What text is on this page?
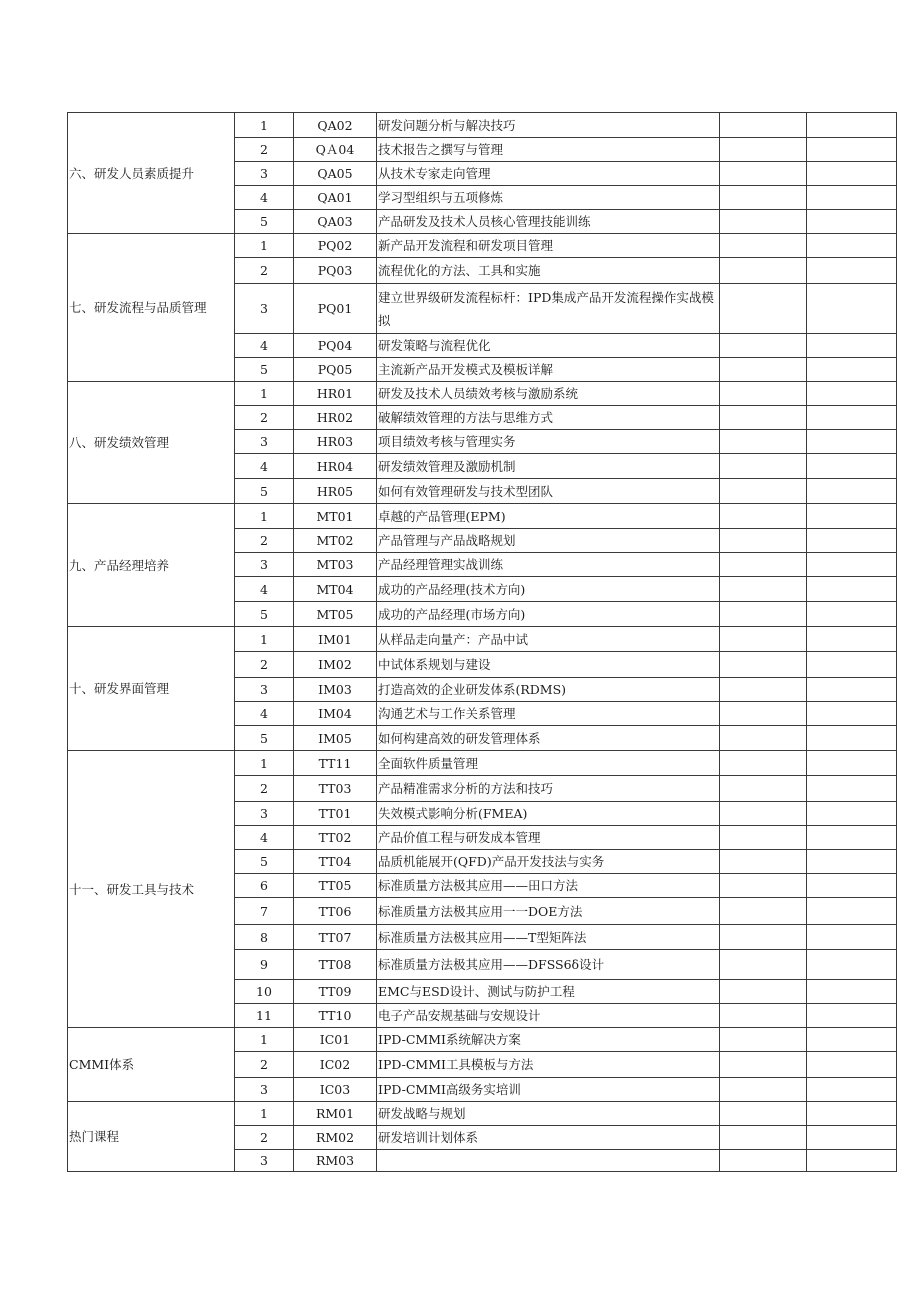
六、研发人员素质提升	1	QA02	研发问题分析与解决技巧		
	2	QＡ04	技术报告之撰写与管理		
	3	QA05	从技术专家走向管理		
	4	QA01	学习型组织与五项修炼		
	5	QA03	产品研发及技术人员核心管理技能训练		
七、研发流程与品质管理	1	PQ02	新产品开发流程和研发项目管理		
	2	PQ03	流程优化的方法、工具和实施		
	3	PQ01	建立世界级研发流程标杆：IPD集成产品开发流程操作实战模拟		
	4	PQ04	研发策略与流程优化		
	5	PQ05	主流新产品开发模式及模板详解		
八、研发绩效管理	1	HR01	研发及技术人员绩效考核与激励系统		
	2	HR02	破解绩效管理的方法与思维方式		
	3	HR03	项目绩效考核与管理实务		
	4	HR04	研发绩效管理及激励机制		
	5	HR05	如何有效管理研发与技术型团队		
九、产品经理培养	1	MT01	卓越的产品管理(EPM)		
	2	MT02	产品管理与产品战略规划		
	3	MT03	产品经理管理实战训练		
	4	MT04	成功的产品经理(技术方向)		
	5	MT05	成功的产品经理(市场方向)		
十、研发界面管理	1	IM01	从样品走向量产：产品中试		
	2	IM02	中试体系规划与建设		
	3	IM03	打造高效的企业研发体系(RDMS)		
	4	IM04	沟通艺术与工作关系管理		
	5	IM05	如何构建高效的研发管理体系		
十一、研发工具与技术	1	TT11	全面软件质量管理		
	2	TT03	产品精准需求分析的方法和技巧		
	3	TT01	失效模式影响分析(FMEA)		
	4	TT02	产品价值工程与研发成本管理		
	5	TT04	品质机能展开(QFD)产品开发技法与实务		
	6	TT05	标准质量方法极其应用——田口方法		
	7	TT06	标准质量方法极其应用一一DOE方法		
	8	TT07	标准质量方法极其应用——T型矩阵法		
	9	TT08	标准质量方法极其应用——DFSS6δ设计		
	10	TT09	EMC与ESD设计、测试与防护工程		
	11	TT10	电子产品安规基础与安规设计		
CMMI体系	1	IC01	IPD-CMMI系统解决方案		
	2	IC02	IPD-CMMI工具模板与方法		
	3	IC03	IPD-CMMI高级务实培训		
热门课程	1	RM01	研发战略与规划		
	2	RM02	研发培训计划体系		
	3	RM03			
